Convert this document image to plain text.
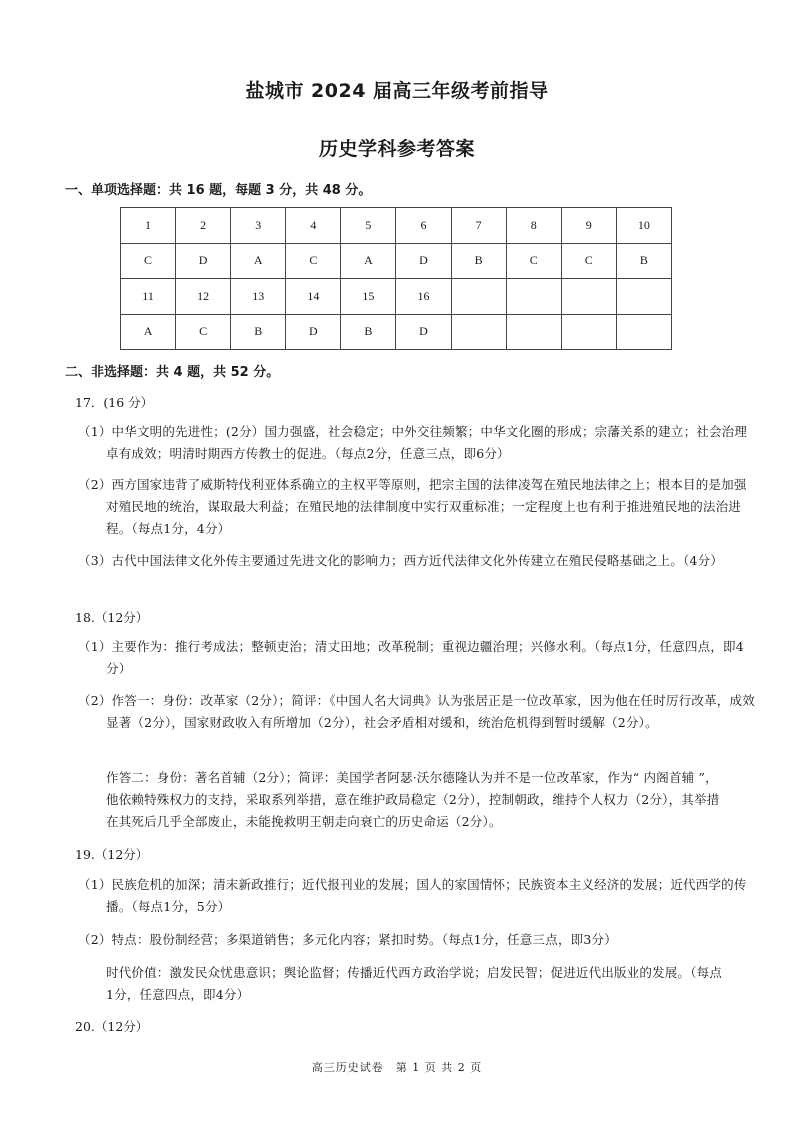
盐城市 2024 届高三年级考前指导
历史学科参考答案
一、单项选择题：共 16 题，每题 3 分，共 48 分。
1	2	3	4	5	6	7	8	9	10
C	D	A	C	A	D	B	C	C	B
11	12	13	14	15	16				
A	C	B	D	B	D				
二、非选择题：共 4 题，共 52 分。
17．(16 分）
（1）中华文明的先进性；(2分）国力强盛，社会稳定；中外交往频繁；中华文化圈的形成；宗藩关系的建立；社会治理卓有成效；明清时期西方传教士的促进。（每点2分，任意三点，即6分）
（2）西方国家违背了威斯特伐利亚体系确立的主权平等原则，把宗主国的法律凌驾在殖民地法律之上；根本目的是加强对殖民地的统治，谋取最大利益；在殖民地的法律制度中实行双重标准；一定程度上也有利于推进殖民地的法治进程。（每点1分，4分）
（3）古代中国法律文化外传主要通过先进文化的影响力；西方近代法律文化外传建立在殖民侵略基础之上。（4分）
18.（12分）
（1）主要作为：推行考成法；整顿吏治；清丈田地；改革税制；重视边疆治理；兴修水利。（每点1分，任意四点，即4分）
（2）作答一：身份：改革家（2分）；简评：《中国人名大词典》认为张居正是一位改革家，因为他在任时厉行改革，成效显著（2分），国家财政收入有所增加（2分），社会矛盾相对缓和，统治危机得到暂时缓解（2分）。
作答二：身份：著名首辅（2分）；简评：美国学者阿瑟·沃尔德隆认为并不是一位改革家，作为“ 内阁首辅 ”，他依赖特殊权力的支持，采取系列举措，意在维护政局稳定（2分），控制朝政，维持个人权力（2分），其举措在其死后几乎全部废止，未能挽救明王朝走向衰亡的历史命运（2分）。
19.（12分）
（1）民族危机的加深；清末新政推行；近代报刊业的发展；国人的家国情怀；民族资本主义经济的发展；近代西学的传播。（每点1分，5分）
（2）特点：股份制经营；多渠道销售；多元化内容；紧扣时势。（每点1分，任意三点，即3分）
时代价值：激发民众忧患意识；舆论监督；传播近代西方政治学说；启发民智；促进近代出版业的发展。（每点1分，任意四点，即4分）
20.（12分）
高三历史试卷　第 1 页 共 2 页
